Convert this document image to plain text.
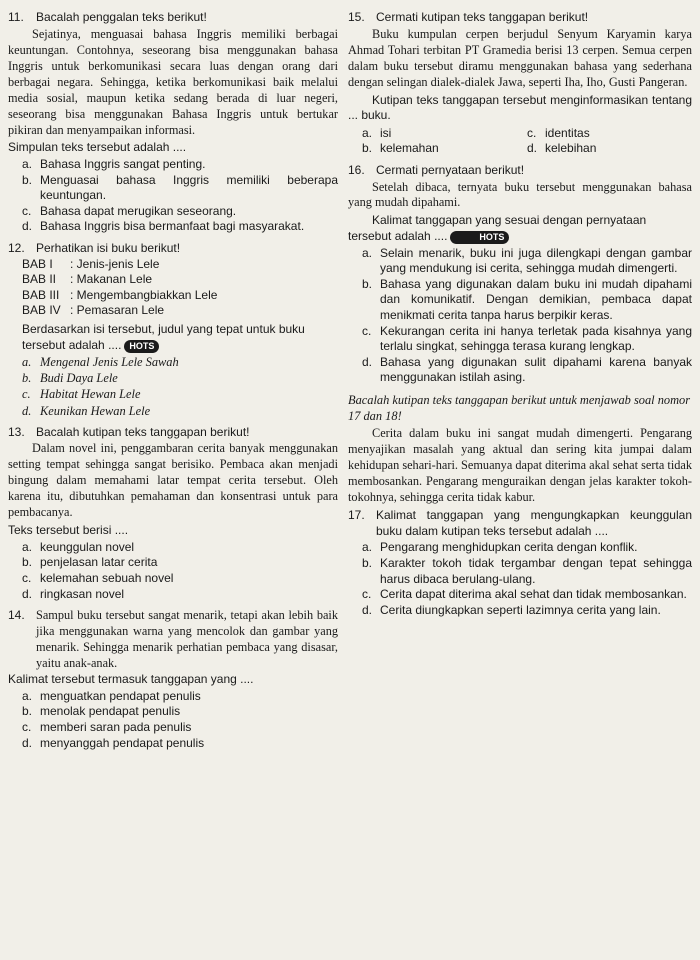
11.	Bacalah penggalan teks berikut!
Sejatinya, menguasai bahasa Inggris memiliki berbagai keuntungan. Contohnya, seseorang bisa menggunakan bahasa Inggris untuk berkomunikasi secara luas dengan orang dari berbagai negara. Sehingga, ketika berkomunikasi baik melalui media sosial, maupun ketika sedang berada di luar negeri, seseorang bisa menggunakan Bahasa Inggris untuk bertukar pikiran dan menyampaikan informasi.
Simpulan teks tersebut adalah ....
a. Bahasa Inggris sangat penting.
b. Menguasai bahasa Inggris memiliki beberapa keuntungan.
c. Bahasa dapat merugikan seseorang.
d. Bahasa Inggris bisa bermanfaat bagi masyarakat.
12. Perhatikan isi buku berikut!
BAB I	: Jenis-jenis Lele
BAB II	: Makanan Lele
BAB III : Mengembangbiakkan Lele
BAB IV : Pemasaran Lele
Berdasarkan isi tersebut, judul yang tepat untuk buku tersebut adalah .... HOTS
a. Mengenal Jenis Lele Sawah
b. Budi Daya Lele
c. Habitat Hewan Lele
d. Keunikan Hewan Lele
13. Bacalah kutipan teks tanggapan berikut!
Dalam novel ini, penggambaran cerita banyak menggunakan setting tempat sehingga sangat berisiko. Pembaca akan menjadi bingung dalam memahami latar tempat cerita tersebut. Oleh karena itu, dibutuhkan pemahaman dan konsentrasi untuk para pembacanya.
Teks tersebut berisi ....
a. keunggulan novel
b. penjelasan latar cerita
c. kelemahan sebuah novel
d. ringkasan novel
14. Sampul buku tersebut sangat menarik, tetapi akan lebih baik jika menggunakan warna yang mencolok dan gambar yang menarik. Sehingga menarik perhatian pembaca yang disasar, yaitu anak-anak.
Kalimat tersebut termasuk tanggapan yang ....
a. menguatkan pendapat penulis
b. menolak pendapat penulis
c. memberi saran pada penulis
d. menyanggah pendapat penulis
15. Cermati kutipan teks tanggapan berikut!
Buku kumpulan cerpen berjudul Senyum Karyamin karya Ahmad Tohari terbitan PT Gramedia berisi 13 cerpen. Semua cerpen dalam buku tersebut diramu menggunakan bahasa yang sederhana dengan selingan dialek-dialek Jawa, seperti Iha, Iho, Gusti Pangeran.
Kutipan teks tanggapan tersebut menginformasikan tentang ... buku.
a. isi	c. identitas
b. kelemahan	d. kelebihan
16. Cermati pernyataan berikut!
Setelah dibaca, ternyata buku tersebut menggunakan bahasa yang mudah dipahami.
Kalimat tanggapan yang sesuai dengan pernyataan tersebut adalah ....	HOTS
a. Selain menarik, buku ini juga dilengkapi dengan gambar yang mendukung isi cerita, sehingga mudah dimengerti.
b. Bahasa yang digunakan dalam buku ini mudah dipahami dan komunikatif. Dengan demikian, pembaca dapat menikmati cerita tanpa harus berpikir keras.
c. Kekurangan cerita ini hanya terletak pada kisahnya yang terlalu singkat, sehingga terasa kurang lengkap.
d. Bahasa yang digunakan sulit dipahami karena banyak menggunakan istilah asing.
Bacalah kutipan teks tanggapan berikut untuk menjawab soal nomor 17 dan 18!
Cerita dalam buku ini sangat mudah dimengerti. Pengarang menyajikan masalah yang aktual dan sering kita jumpai dalam kehidupan sehari-hari. Semuanya dapat diterima akal sehat serta tidak membosankan. Pengarang menguraikan dengan jelas karakter tokoh-tokohnya, sehingga cerita tidak kabur.
17. Kalimat tanggapan yang mengungkapkan keunggulan buku dalam kutipan teks tersebut adalah ....
a. Pengarang menghidupkan cerita dengan konflik.
b. Karakter tokoh tidak tergambar dengan tepat sehingga harus dibaca berulang-ulang.
c. Cerita dapat diterima akal sehat dan tidak membosankan.
d. Cerita diungkapkan seperti lazimnya cerita yang lain.
